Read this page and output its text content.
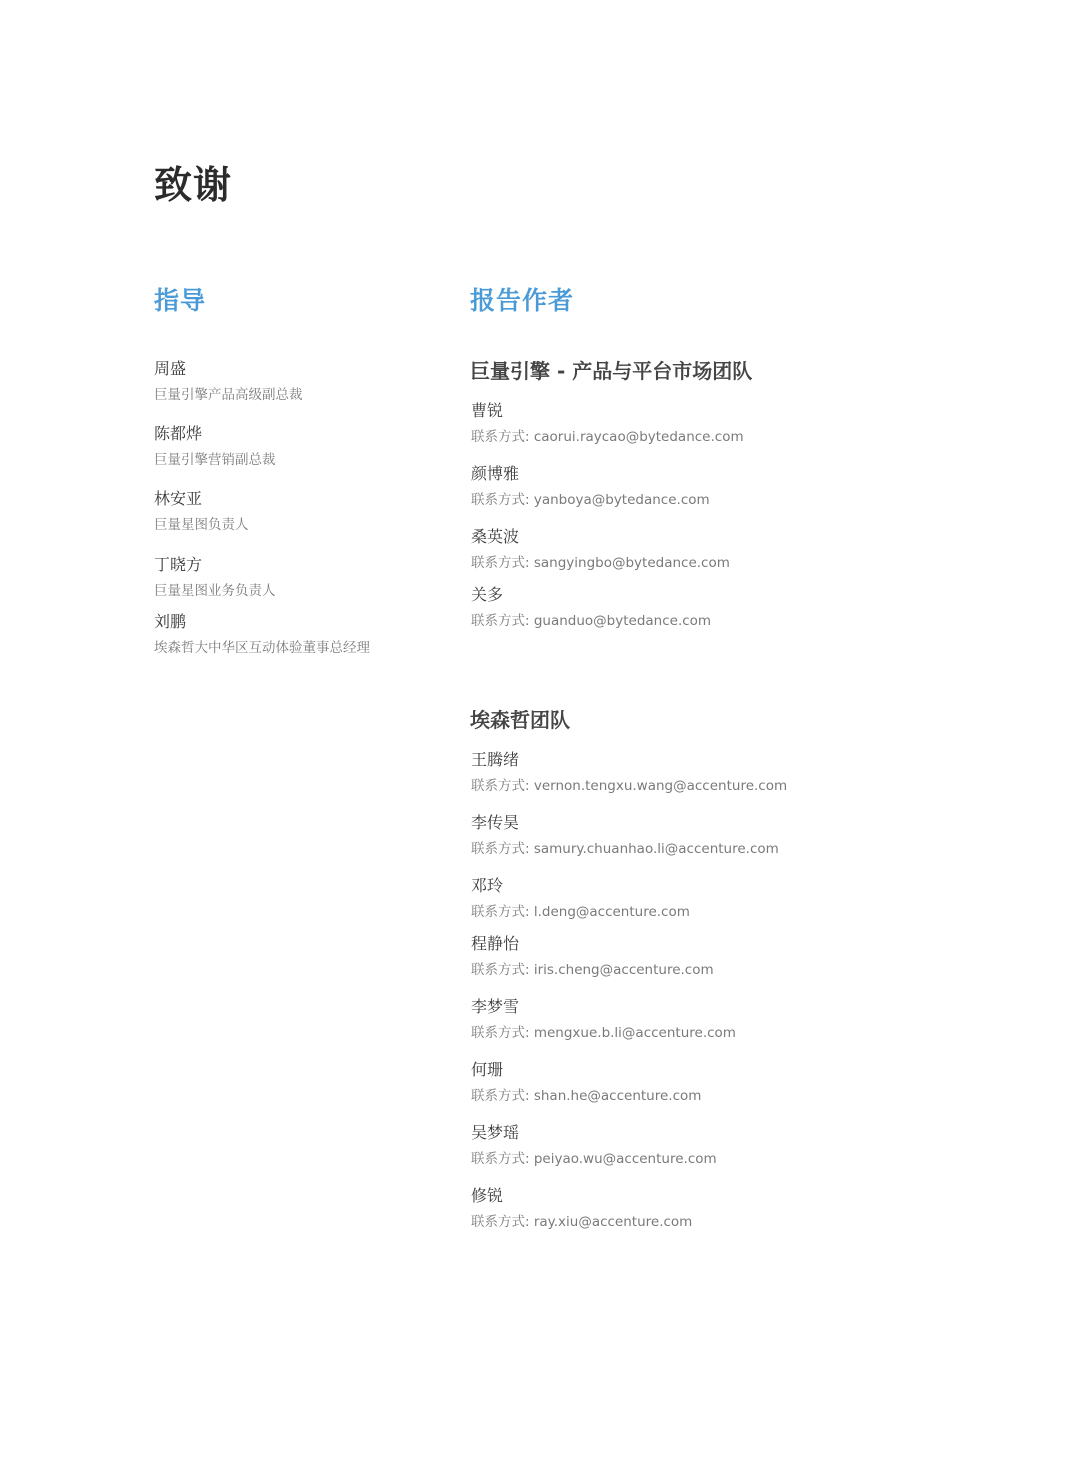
致谢
指导
周盛
巨量引擎产品高级副总裁
陈都烨
巨量引擎营销副总裁
林安亚
巨量星图负责人
丁晓方
巨量星图业务负责人
刘鹏
埃森哲大中华区互动体验董事总经理
报告作者
巨量引擎 - 产品与平台市场团队
曹锐
联系方式: caorui.raycao@bytedance.com
颜博雅
联系方式: yanboya@bytedance.com
桑英波
联系方式: sangyingbo@bytedance.com
关多
联系方式: guanduo@bytedance.com
埃森哲团队
王腾绪
联系方式: vernon.tengxu.wang@accenture.com
李传昊
联系方式: samury.chuanhao.li@accenture.com
邓玲
联系方式: l.deng@accenture.com
程静怡
联系方式: iris.cheng@accenture.com
李梦雪
联系方式: mengxue.b.li@accenture.com
何珊
联系方式: shan.he@accenture.com
吴梦瑶
联系方式: peiyao.wu@accenture.com
修锐
联系方式: ray.xiu@accenture.com
